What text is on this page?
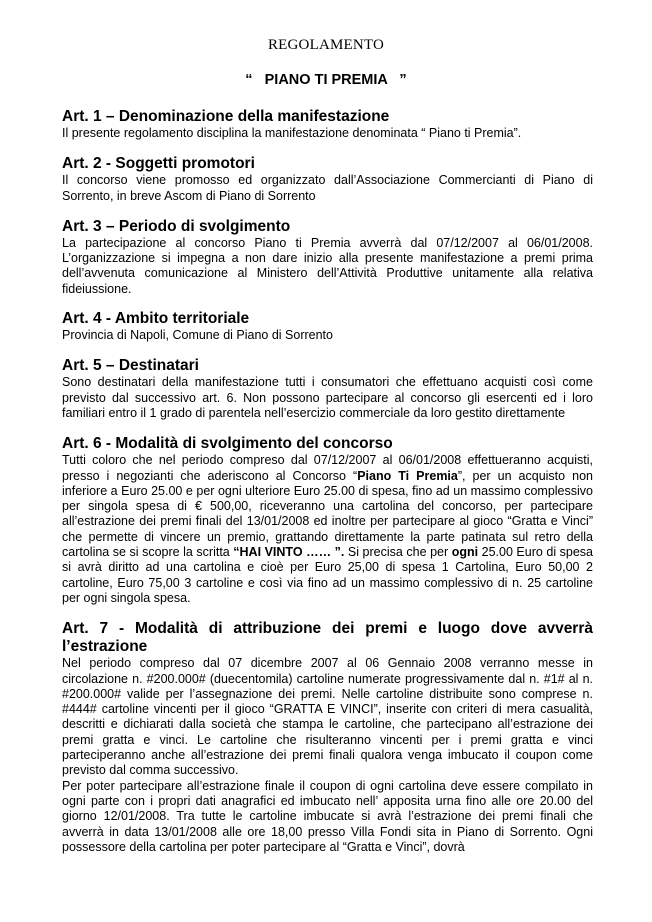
REGOLAMENTO
“   PIANO TI PREMIA   ”

Art. 1 – Denominazione della manifestazione

Il presente regolamento disciplina la manifestazione denominata “ Piano ti Premia”.

Art. 2 - Soggetti promotori

Il concorso viene promosso ed organizzato dall’Associazione Commercianti di Piano di Sorrento, in breve Ascom di Piano di Sorrento

Art. 3 – Periodo di svolgimento

La partecipazione al concorso Piano ti Premia avverrà dal 07/12/2007 al 06/01/2008. L’organizzazione si impegna a non dare inizio alla presente manifestazione a premi prima dell’avvenuta comunicazione al Ministero dell’Attività Produttive unitamente alla relativa fideiussione.

Art. 4 - Ambito territoriale

Provincia di Napoli, Comune di Piano di Sorrento

Art. 5 – Destinatari

Sono destinatari della manifestazione tutti i consumatori che effettuano acquisti così come previsto dal successivo art. 6. Non possono partecipare al concorso gli esercenti ed i loro familiari entro il 1 grado di parentela nell’esercizio commerciale da loro gestito direttamente

Art. 6 - Modalità di svolgimento del concorso

Tutti coloro che nel periodo compreso dal 07/12/2007 al 06/01/2008 effettueranno acquisti, presso i negozianti che aderiscono al Concorso “Piano Ti Premia”, per un acquisto non inferiore a Euro 25.00 e per ogni ulteriore Euro 25.00 di spesa, fino ad un massimo complessivo per singola spesa di € 500,00, riceveranno una cartolina del concorso, per partecipare all’estrazione dei premi finali del 13/01/2008 ed inoltre per partecipare al gioco “Gratta e Vinci” che permette di vincere un premio, grattando direttamente la parte patinata sul retro della cartolina se si scopre la scritta “HAI VINTO …… ”. Si precisa che per ogni 25.00 Euro di spesa si avrà diritto ad una cartolina e cioè per Euro 25,00 di spesa 1 Cartolina, Euro 50,00 2 cartoline, Euro 75,00 3 cartoline e così via fino ad un massimo complessivo di n. 25 cartoline per ogni singola spesa.

Art. 7 - Modalità di attribuzione dei premi e luogo dove avverrà l’estrazione

Nel periodo compreso dal 07 dicembre 2007 al 06 Gennaio 2008 verranno messe in circolazione n. #200.000# (duecentomila) cartoline numerate progressivamente dal n. #1# al n. #200.000# valide per l’assegnazione dei premi. Nelle cartoline distribuite sono comprese n. #444# cartoline vincenti per il gioco “GRATTA E VINCI”, inserite con criteri di mera casualità, descritti e dichiarati dalla società che stampa le cartoline, che partecipano all’estrazione dei premi gratta e vinci. Le cartoline che risulteranno vincenti per i premi gratta e vinci parteciperanno anche all’estrazione dei premi finali qualora venga imbucato il coupon come previsto dal comma successivo.

Per poter partecipare all’estrazione finale il coupon di ogni cartolina deve essere compilato in ogni parte con i propri dati anagrafici ed imbucato nell’ apposita urna fino alle ore 20.00 del giorno 12/01/2008. Tra tutte le cartoline imbucate si avrà l’estrazione dei premi finali che avverrà in data 13/01/2008 alle ore 18,00 presso Villa Fondi sita in Piano di Sorrento. Ogni possessore della cartolina per poter partecipare al “Gratta e Vinci”, dovrà
